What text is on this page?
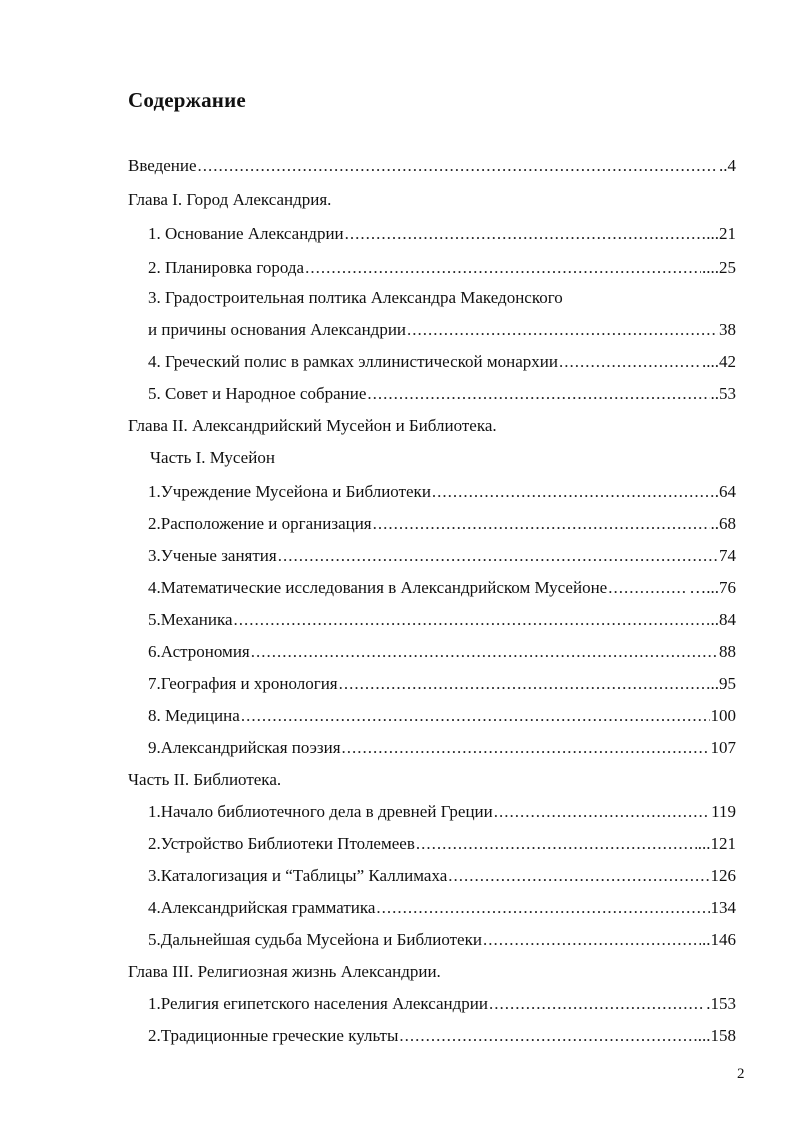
Содержание
Введение .....	..4
Глава I. Город Александрия.
1. Основание Александрии .....	...21
2. Планировка города .....	....25
3. Градостроительная полтика Александра Македонского
и причины основания Александрии .....	38
4. Греческий полис в рамках эллинистической монархии .....	....42
5. Совет и Народное собрание .....	..53
Глава II. Александрийский Мусейон и Библиотека.
Часть I. Мусейон
1. Учреждение Мусейона и Библиотеки .....	.64
2. Расположение и организация .....	..68
3. Ученые занятия .....	74
4. Математические исследования в Александрийском Мусейоне .....	…...76
5. Механика .....	..84
6. Астрономия .....	88
7. География и хронология .....	..95
8. Медицина .....	100
9. Александрийская поэзия .....	107
Часть II. Библиотека.
1. Начало библиотечного дела в древней Греции .....	119
2. Устройство Библиотеки Птолемеев .....	...121
3. Каталогизация и “Таблицы” Каллимаха .....	126
4. Александрийская грамматика .....	134
5. Дальнейшая судьба Мусейона и Библиотеки .....	..146
Глава III. Религиозная жизнь Александрии.
1. Религия египетского населения Александрии .....	.153
2. Традиционные греческие культы .....	...158
2
